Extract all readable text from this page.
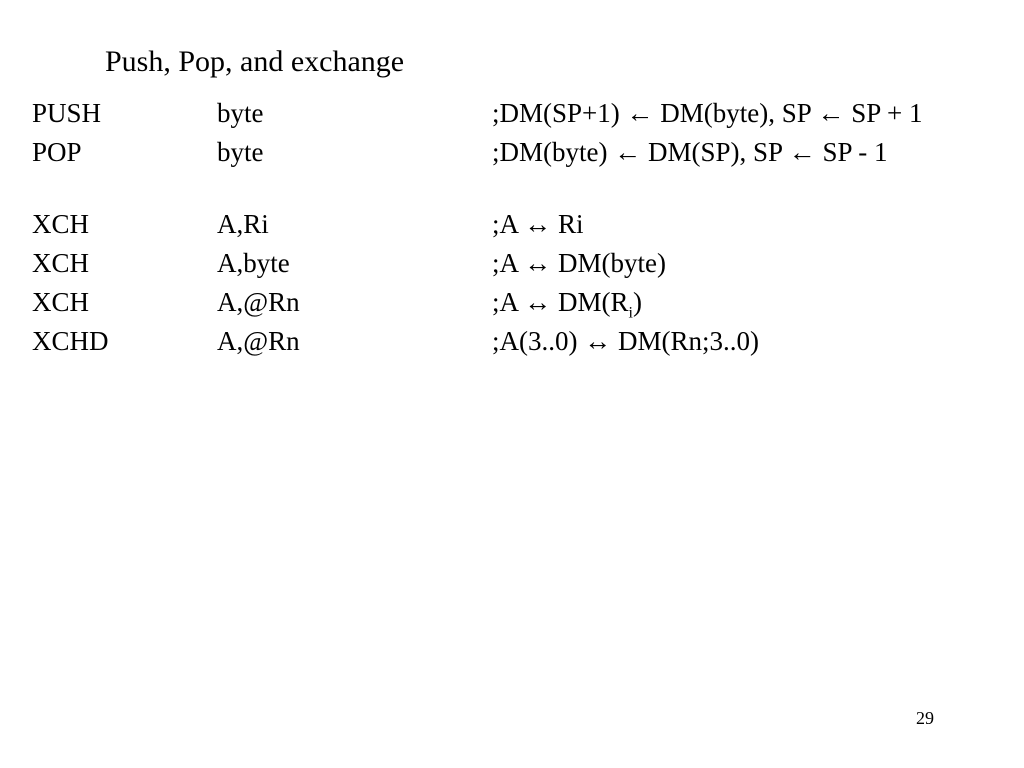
Push, Pop, and exchange
PUSH	byte	;DM(SP+1) ← DM(byte), SP ← SP + 1
POP	byte	;DM(byte) ← DM(SP), SP ← SP - 1
XCH	A,Ri	;A ↔ Ri
XCH	A,byte	;A ↔ DM(byte)
XCH	A,@Rn	;A ↔ $DM(R_i)$
XCHD	A,@Rn	;A(3..0) ↔ DM(Rn;3..0)
29
